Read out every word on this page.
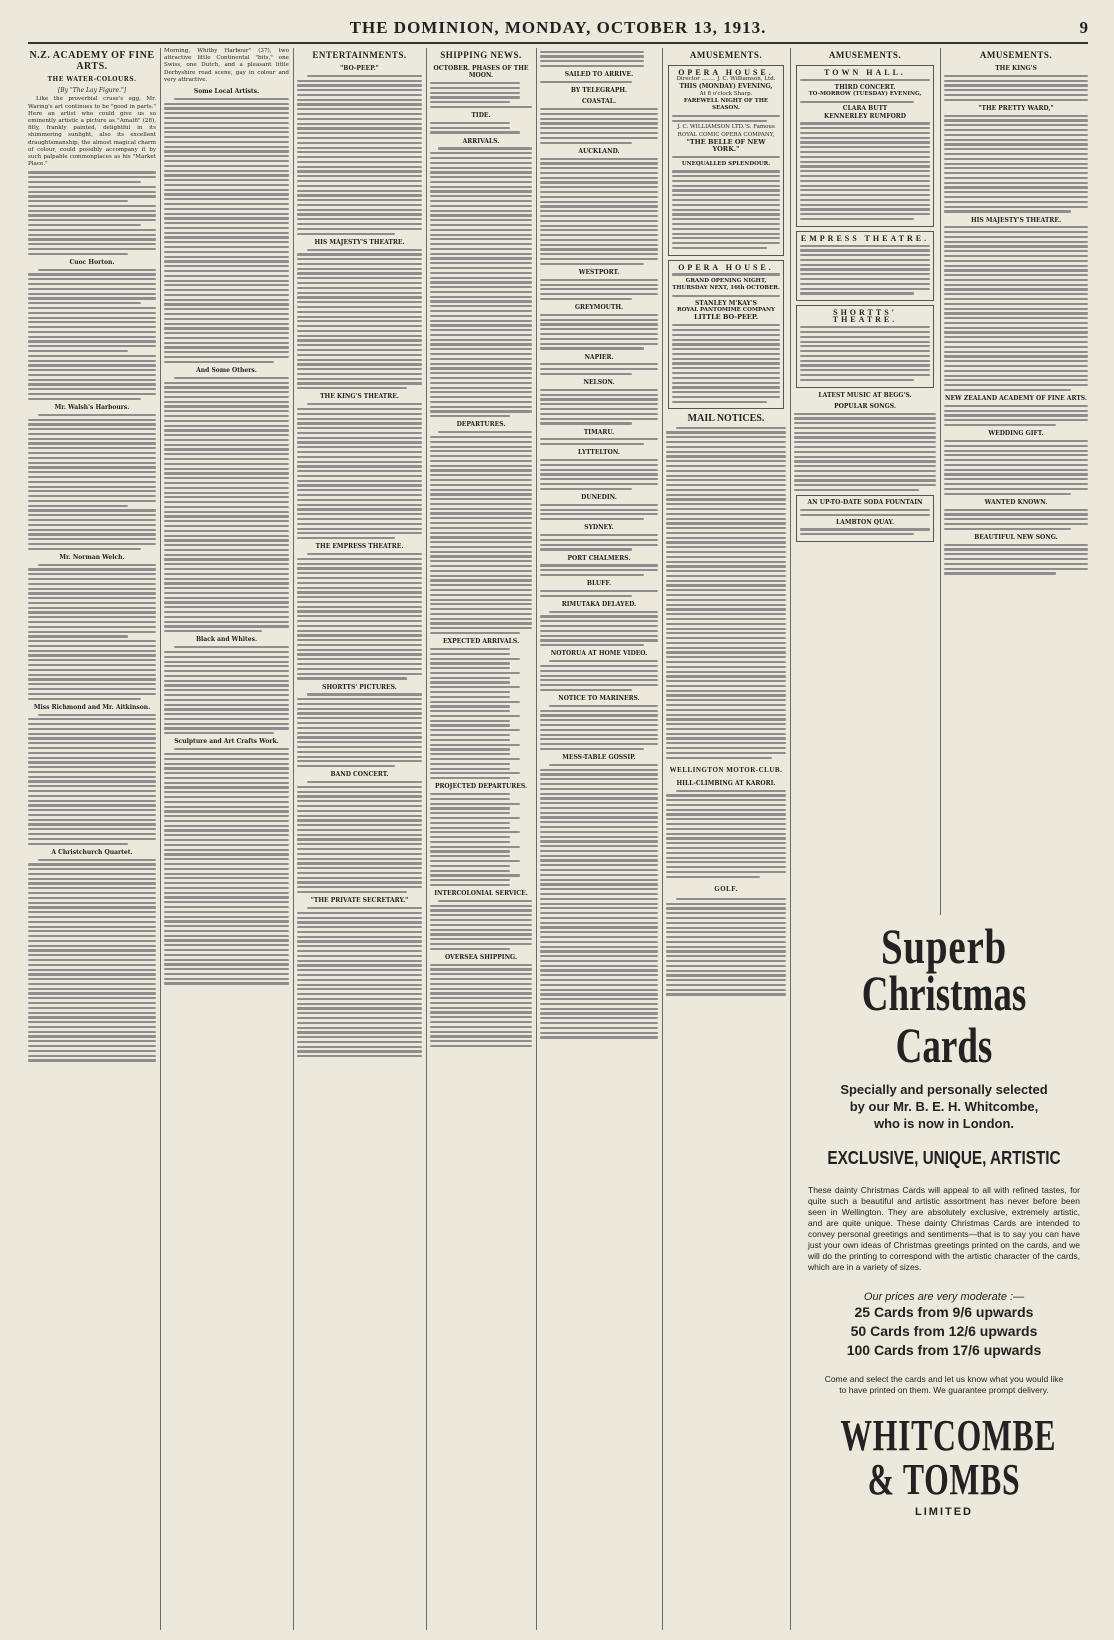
THE DOMINION, MONDAY, OCTOBER 13, 1913.	9
N.Z. ACADEMY OF FINE ARTS.
THE WATER-COLOURS.
[By "The Lay Figure."]

Like the proverbial cruse's egg, Mr. Waring's art continues to be "good in parts." Here an artist who could give us so eminently artistic a picture as "Amalfi" (28), fitly, frankly painted, delightful in its shimmering sunlight, also its excellent draughtsmanship, the almost magical charm of colour, could possibly accompany it by such palpable commonplaces as his "Market Place."

Cuoc Horton.
Mr. Walsh's Harbours.
Mr. Norman Welch.
Miss Richmond and Mr. Aitkinson.
A Christchurch Quartet.

Morning, Whitby Harbour" (37), two attractive little Continental "bits," one Swiss, one Dutch, and a pleasant little Derbyshire road scene, gay in colour and very attractive.

Some Local Artists.
And Some Others.
Black and Whites.
Sculpture and Art Crafts Work.
ENTERTAINMENTS.
"BO-PEEP."
HIS MAJESTY'S THEATRE.
THE KING'S THEATRE.
THE EMPRESS THEATRE.
SHORTTS' PICTURES.
BAND CONCERT.
"THE PRIVATE SECRETARY."
SHIPPING NEWS.
OCTOBER. PHASES OF THE MOON.
TIDE.
ARRIVALS.
DEPARTURES.
EXPECTED ARRIVALS.
PROJECTED DEPARTURES.
INTERCOLONIAL SERVICE.
OVERSEA SHIPPING.
SAILED TO ARRIVE.
BY TELEGRAPH.
COASTAL.
AUCKLAND.
WESTPORT.
GREYMOUTH.
NAPIER.
NELSON.
TIMARU.
LYTTELTON.
DUNEDIN.
SYDNEY.
PORT CHALMERS.
BLUFF.
RIMUTAKA DELAYED.
NOTORUA AT HOME VIDEO.
NOTICE TO MARINERS.
MESS-TABLE GOSSIP.
AMUSEMENTS.
OPERA HOUSE.
Director ........ J. C. Williamson, Ltd.
THIS (MONDAY) EVENING,
At 8 o'clock Sharp.
FAREWELL NIGHT OF THE SEASON.
J. C. WILLIAMSON LTD.'S. Famous ROYAL COMIC OPERA COMPANY,
"THE BELLE OF NEW YORK."
UNEQUALLED SPLENDOUR.
OPERA HOUSE.
GRAND OPENING NIGHT,
THURSDAY NEXT, 16th OCTOBER.
STANLEY M'KAY'S
ROYAL PANTOMIME COMPANY
LITTLE BO-PEEP.
MAIL NOTICES.
WELLINGTON MOTOR-CLUB.
HILL-CLIMBING AT KARORI.
GOLF.
AMUSEMENTS.
TOWN HALL.
THIRD CONCERT.
TO-MORROW (TUESDAY) EVENING,
CLARA BUTT
KENNERLEY RUMFORD
EMPRESS THEATRE.
SHORTTS' THEATRE.
LATEST MUSIC AT BEGG'S.
POPULAR SONGS.
AN UP-TO-DATE SODA FOUNTAIN
LAMBTON QUAY.
AMUSEMENTS.
THE KING'S
"THE PRETTY WARD,"
HIS MAJESTY'S THEATRE.
NEW ZEALAND ACADEMY OF FINE ARTS.
WEDDING GIFT.
WANTED KNOWN.
BEAUTIFUL NEW SONG.
Superb
Christmas Cards
Specially and personally selected
by our Mr. B. E. H. Whitcombe,
who is now in London.
EXCLUSIVE, UNIQUE, ARTISTIC
These dainty Christmas Cards will appeal to all with refined tastes, for quite such a beautiful and artistic assortment has never before been seen in Wellington. They are absolutely exclusive, extremely artistic, and are quite unique. These dainty Christmas Cards are intended to convey personal greetings and sentiments—that is to say you can have just your own ideas of Christmas greetings printed on the cards, and we will do the printing to correspond with the artistic character of the cards, which are in a variety of sizes.
Our prices are very moderate :—
25 Cards from 9/6 upwards
50 Cards from 12/6 upwards
100 Cards from 17/6 upwards
Come and select the cards and let us know what you would like to have printed on them. We guarantee prompt delivery.
WHITCOMBE & TOMBS
LIMITED
